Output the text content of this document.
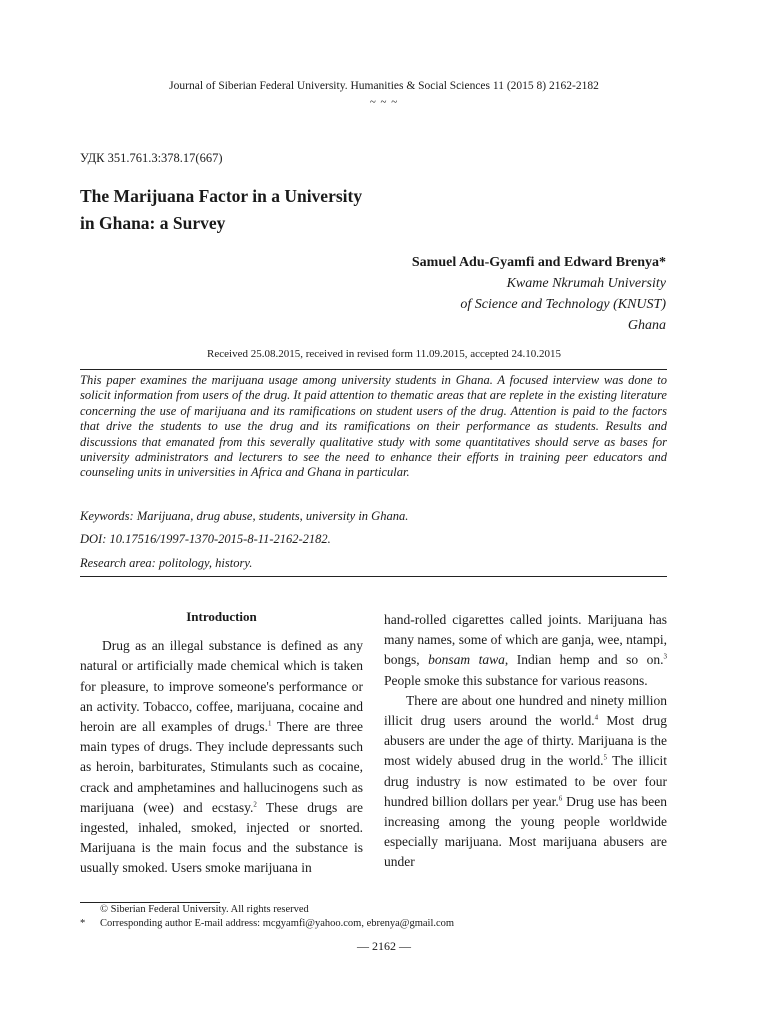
Journal of Siberian Federal University. Humanities & Social Sciences 11 (2015 8) 2162-2182
~ ~ ~
УДК 351.761.3:378.17(667)
The Marijuana Factor in a University
in Ghana: a Survey
Samuel Adu-Gyamfi and Edward Brenya*
Kwame Nkrumah University
of Science and Technology (KNUST)
Ghana
Received 25.08.2015, received in revised form 11.09.2015, accepted 24.10.2015
This paper examines the marijuana usage among university students in Ghana. A focused interview was done to solicit information from users of the drug. It paid attention to thematic areas that are replete in the existing literature concerning the use of marijuana and its ramifications on student users of the drug. Attention is paid to the factors that drive the students to use the drug and its ramifications on their performance as students. Results and discussions that emanated from this severally qualitative study with some quantitatives should serve as bases for university administrators and lecturers to see the need to enhance their efforts in training peer educators and counseling units in universities in Africa and Ghana in particular.
Keywords: Marijuana, drug abuse, students, university in Ghana.
DOI: 10.17516/1997-1370-2015-8-11-2162-2182.
Research area: politology, history.
Introduction

Drug as an illegal substance is defined as any natural or artificially made chemical which is taken for pleasure, to improve someone's performance or an activity. Tobacco, coffee, marijuana, cocaine and heroin are all examples of drugs.$^1$ There are three main types of drugs. They include depressants such as heroin, barbiturates, Stimulants such as cocaine, crack and amphetamines and hallucinogens such as marijuana (wee) and ecstasy.$^2$ These drugs are ingested, inhaled, smoked, injected or snorted. Marijuana is the main focus and the substance is usually smoked. Users smoke marijuana in

hand-rolled cigarettes called joints. Marijuana has many names, some of which are ganja, wee, ntampi, bongs, bonsam tawa, Indian hemp and so on.$^3$ People smoke this substance for various reasons.

There are about one hundred and ninety million illicit drug users around the world.$^4$ Most drug abusers are under the age of thirty. Marijuana is the most widely abused drug in the world.$^5$ The illicit drug industry is now estimated to be over four hundred billion dollars per year.$^6$ Drug use has been increasing among the young people worldwide especially marijuana. Most marijuana abusers are under

© Siberian Federal University. All rights reserved
* Corresponding author E-mail address: mcgyamfi@yahoo.com, ebrenya@gmail.com
— 2162 —
